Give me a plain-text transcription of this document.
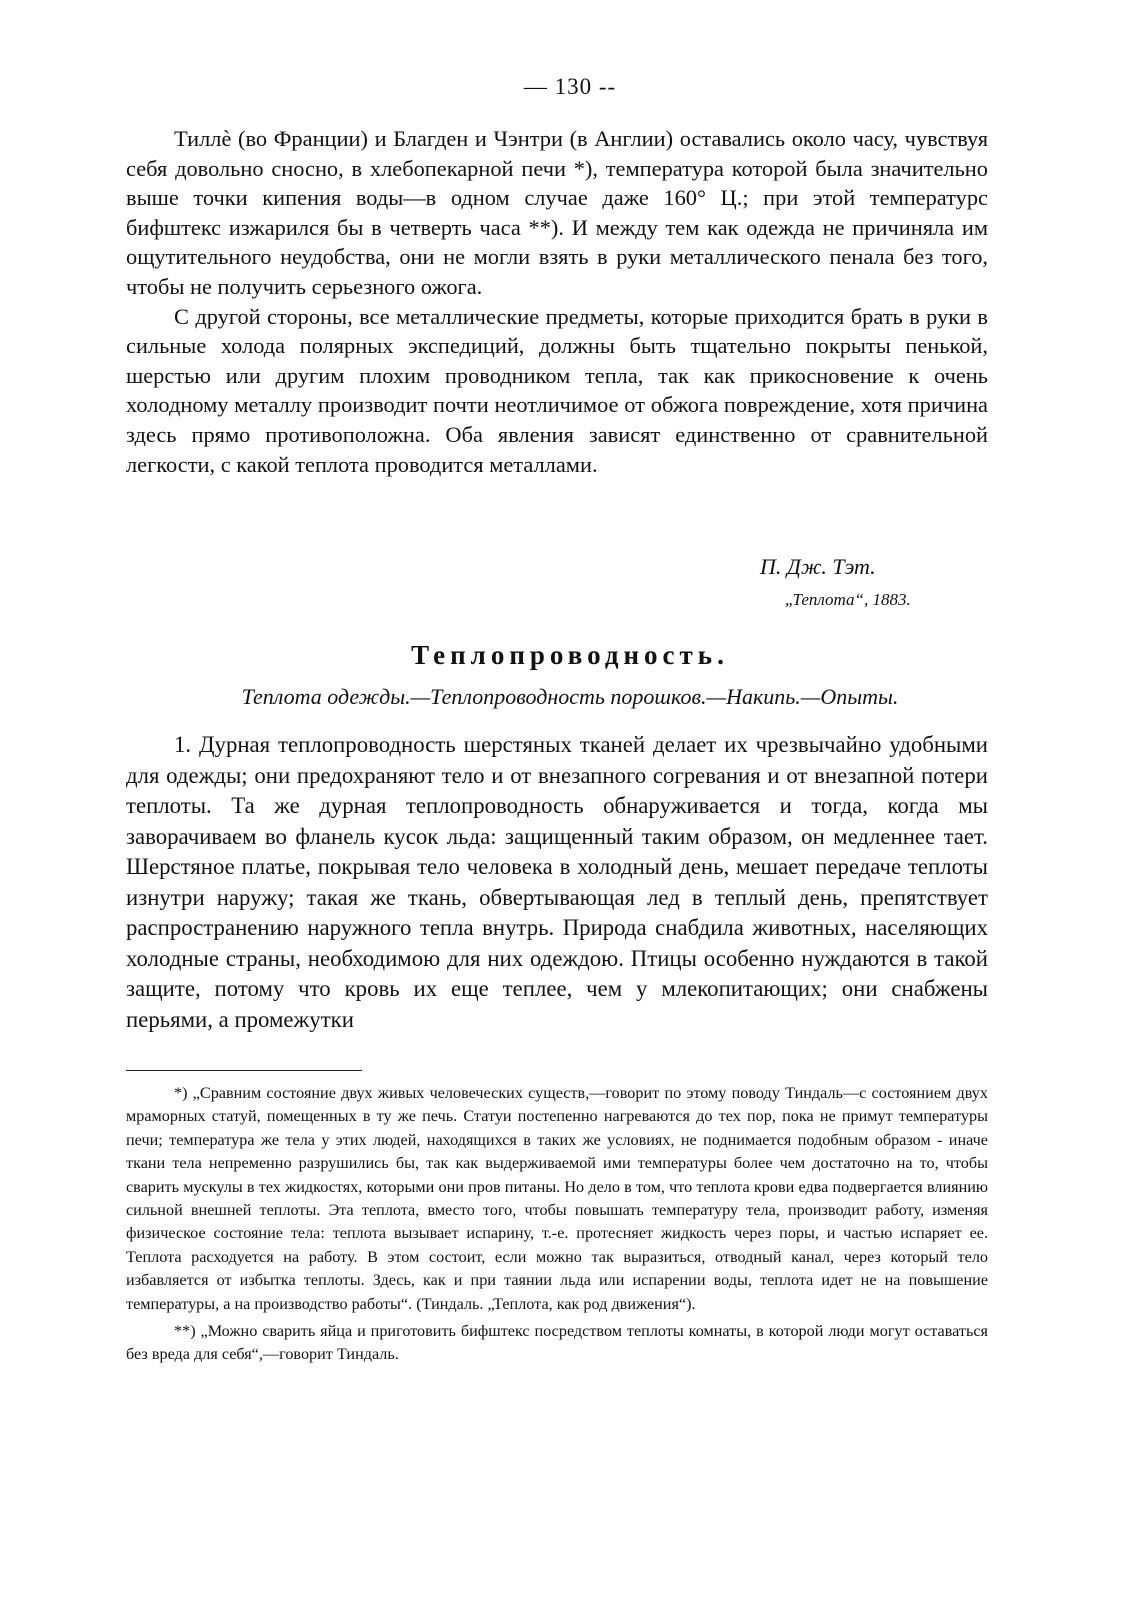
— 130 --

Тиллѐ (во Франции) и Благден и Чэнтри (в Англии) оставались около часу, чувствуя себя довольно сносно, в хлебопекарной печи *), температура которой была значительно выше точки кипения воды—в одном случае даже 160° Ц.; при этой температурс бифштекс изжарился бы в четверть часа **). И между тем как одежда не причиняла им ощутительного неудобства, они не могли взять в руки металлического пенала без того, чтобы не получить серьезного ожога.

С другой стороны, все металлические предметы, которые приходится брать в руки в сильные холода полярных экспедиций, должны быть тщательно покрыты пенькой, шерстью или другим плохим проводником тепла, так как прикосновение к очень холодному металлу производит почти неотличимое от обжога повреждение, хотя причина здесь прямо противоположна. Оба явления зависят единственно от сравнительной легкости, с какой теплота проводится металлами.

П. Дж. Тэт.
„Теплота“, 1883.
Теплопроводность.
Теплота одежды.—Теплопроводность порошков.—Накипь.—Опыты.

1. Дурная теплопроводность шерстяных тканей делает их чрезвычайно удобными для одежды; они предохраняют тело и от внезапного согревания и от внезапной потери теплоты. Та же дурная теплопроводность обнаруживается и тогда, когда мы заворачиваем во фланель кусок льда: защищенный таким образом, он медленнее тает. Шерстяное платье, покрывая тело человека в холодный день, мешает передаче теплоты изнутри наружу; такая же ткань, обвертывающая лед в теплый день, препятствует распространению наружного тепла внутрь. Природа снабдила животных, населяющих холодные страны, необходимою для них одеждою. Птицы особенно нуждаются в такой защите, потому что кровь их еще теплее, чем у млекопитающих; они снабжены перьями, а промежутки

*) „Сравним состояние двух живых человеческих существ,—говорит по этому поводу Тиндаль—с состоянием двух мраморных статуй, помещенных в ту же печь. Статуи постепенно нагреваются до тех пор, пока не примут температуры печи; температура же тела у этих людей, находящихся в таких же условиях, не поднимается подобным образом - иначе ткани тела непременно разрушились бы, так как выдерживаемой ими температуры более чем достаточно на то, чтобы сварить мускулы в тех жидкостях, которыми они пров питаны. Но дело в том, что теплота крови едва подвергается влиянию сильной внешней теплоты. Эта теплота, вместо того, чтобы повышать температуру тела, производит работу, изменяя физическое состояние тела: теплота вызывает испарину, т.-е. протесняет жидкость через поры, и частью испаряет ее. Теплота расходуется на работу. В этом состоит, если можно так выразиться, отводный канал, через который тело избавляется от избытка теплоты. Здесь, как и при таянии льда или испарении воды, теплота идет не на повышение температуры, а на производство работы“. (Тиндаль. „Теплота, как род движения“).

**) „Можно сварить яйца и приготовить бифштекс посредством теплоты комнаты, в которой люди могут оставаться без вреда для себя“,—говорит Тиндаль.
